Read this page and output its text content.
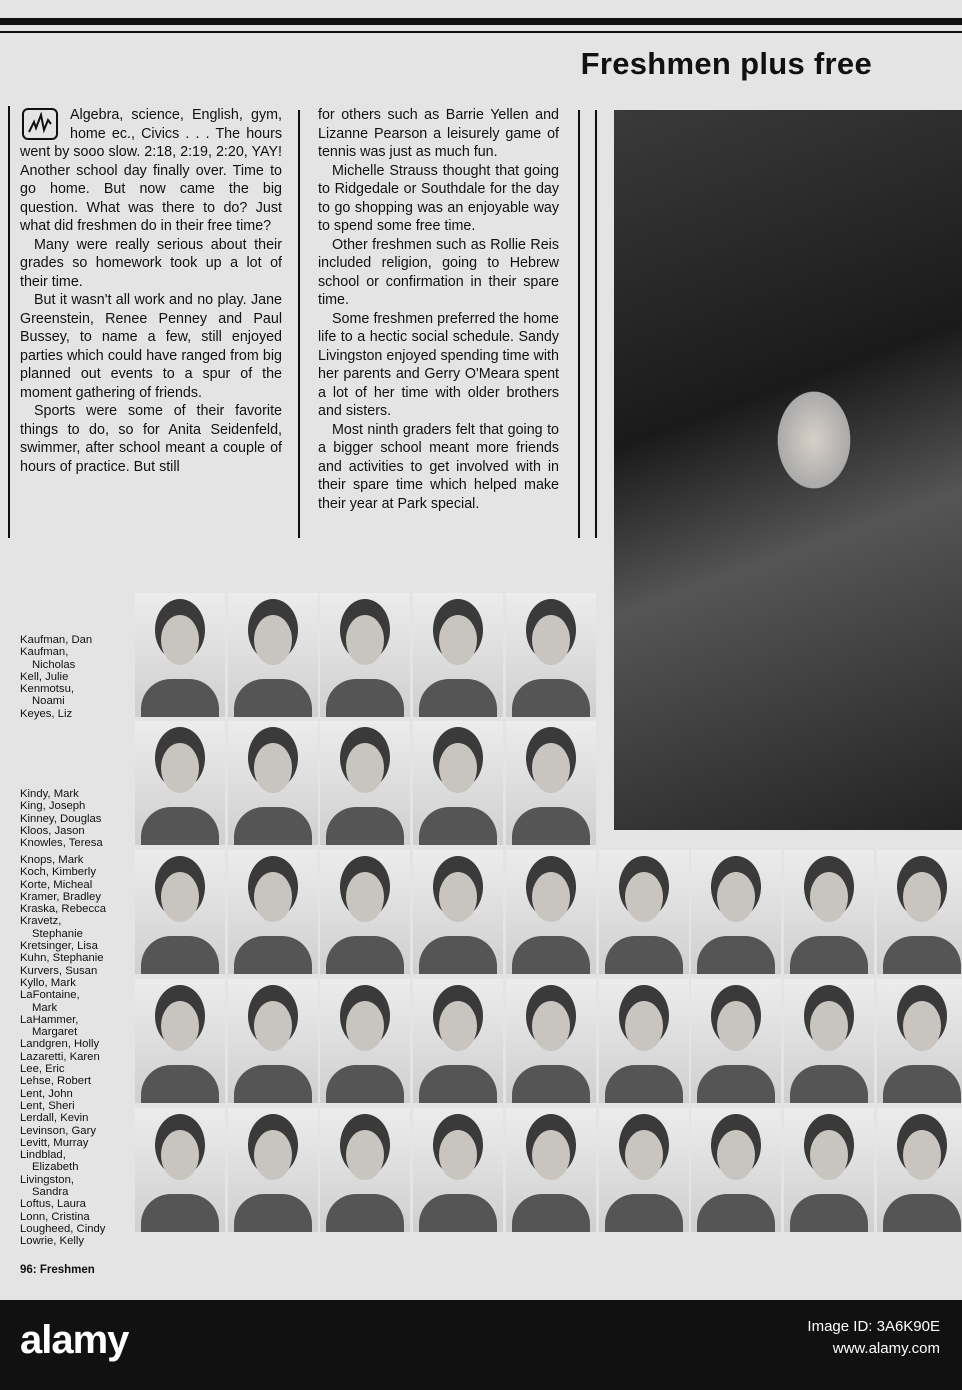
Freshmen plus free

Algebra, science, English, gym, home ec., Civics . . . The hours went by sooo slow. 2:18, 2:19, 2:20, YAY! Another school day finally over. Time to go home. But now came the big question. What was there to do? Just what did freshmen do in their free time?

Many were really serious about their grades so homework took up a lot of their time.

But it wasn't all work and no play. Jane Greenstein, Renee Penney and Paul Bussey, to name a few, still enjoyed parties which could have ranged from big planned out events to a spur of the moment gathering of friends.

Sports were some of their favorite things to do, so for Anita Seidenfeld, swimmer, after school meant a couple of hours of practice. But still

for others such as Barrie Yellen and Lizanne Pearson a leisurely game of tennis was just as much fun.

Michelle Strauss thought that going to Ridgedale or Southdale for the day to go shopping was an enjoyable way to spend some free time.

Other freshmen such as Rollie Reis included religion, going to Hebrew school or confirmation in their spare time.

Some freshmen preferred the home life to a hectic social schedule. Sandy Livingston enjoyed spending time with her parents and Gerry O'Meara spent a lot of her time with older brothers and sisters.

Most ninth graders felt that going to a bigger school meant more friends and activities to get involved with in their spare time which helped make their year at Park special.

Kaufman, Dan
Kaufman,
Nicholas
Kell, Julie
Kenmotsu,
Noami
Keyes, Liz
Kindy, Mark
King, Joseph
Kinney, Douglas
Kloos, Jason
Knowles, Teresa
Knops, Mark
Koch, Kimberly
Korte, Micheal
Kramer, Bradley
Kraska, Rebecca
Kravetz,
Stephanie
Kretsinger, Lisa
Kuhn, Stephanie
Kurvers, Susan
Kyllo, Mark
LaFontaine,
Mark
LaHammer,
Margaret
Landgren, Holly
Lazaretti, Karen
Lee, Eric
Lehse, Robert
Lent, John
Lent, Sheri
Lerdall, Kevin
Levinson, Gary
Levitt, Murray
Lindblad,
Elizabeth
Livingston,
Sandra
Loftus, Laura
Lonn, Cristina
Lougheed, Cindy
Lowrie, Kelly
96: Freshmen
alamy	Image ID: 3A6K90E
www.alamy.com
